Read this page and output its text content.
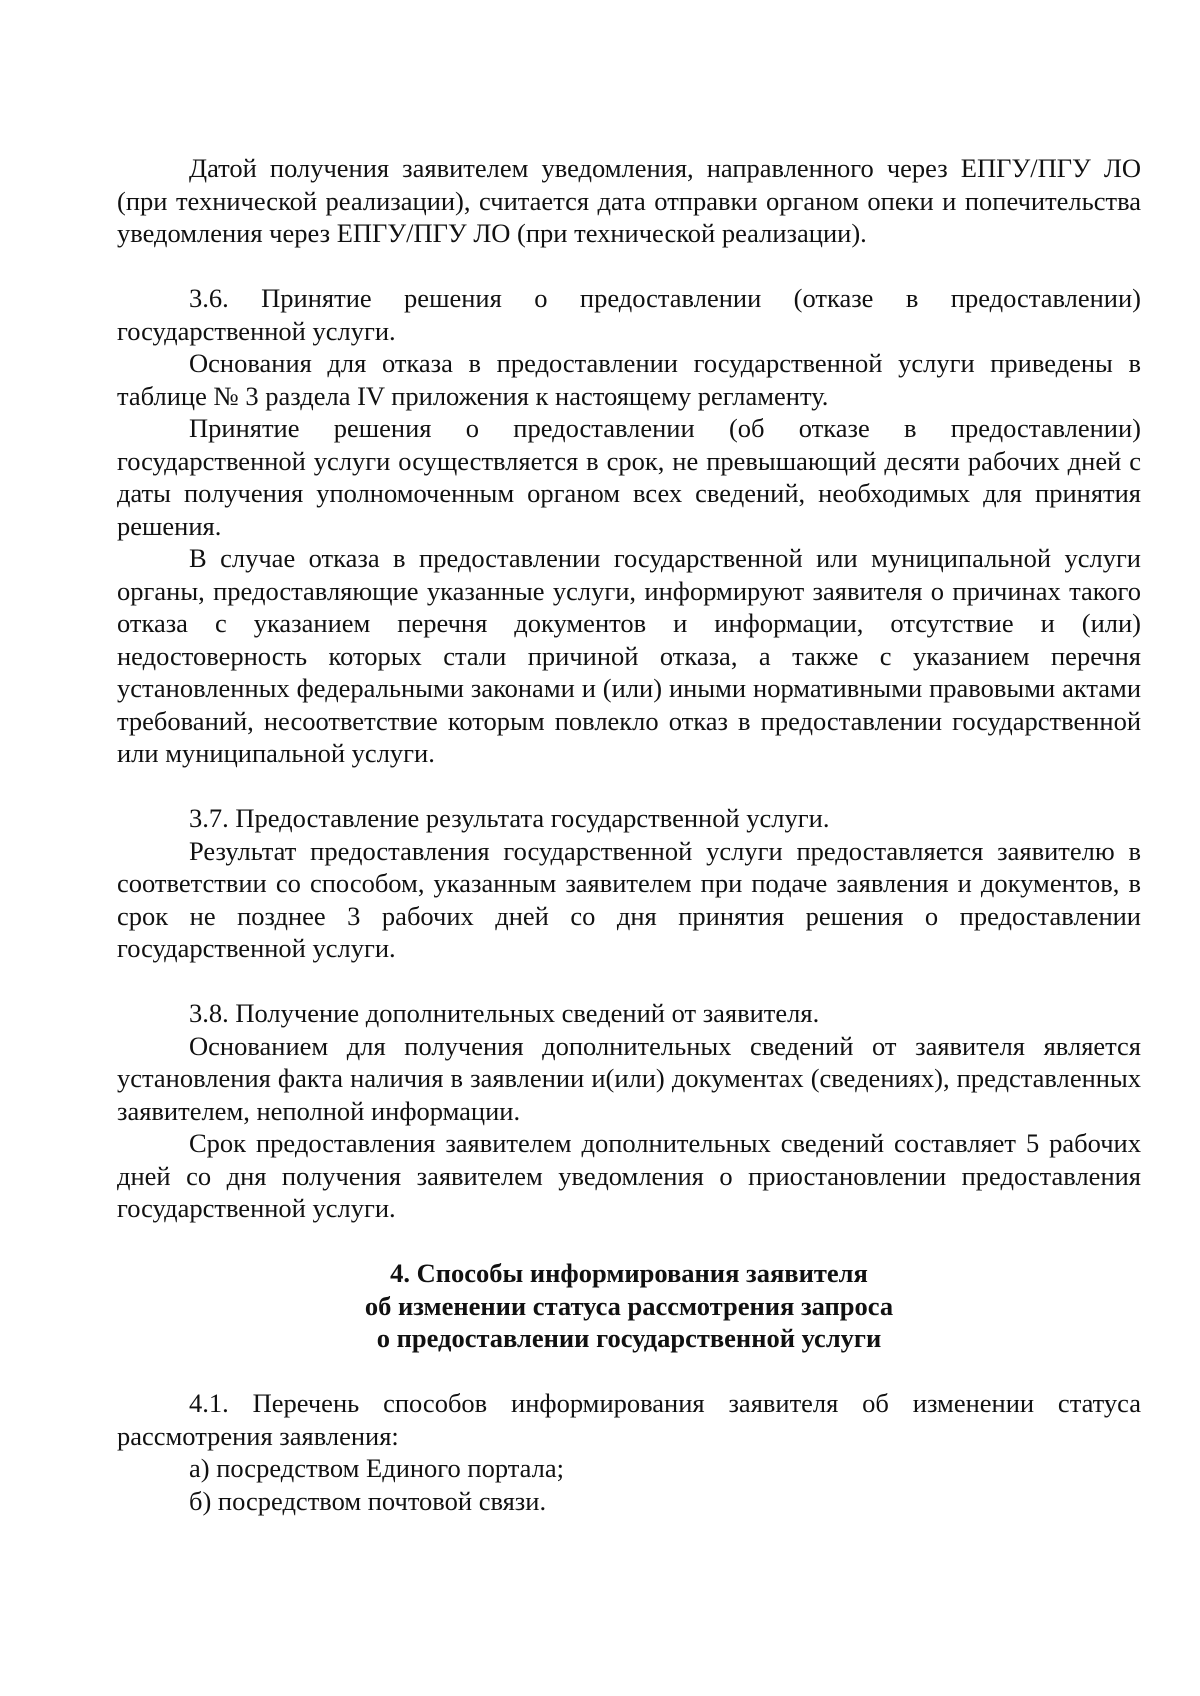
Датой получения заявителем уведомления, направленного через ЕПГУ/ПГУ ЛО (при технической реализации), считается дата отправки органом опеки и попечительства уведомления через ЕПГУ/ПГУ ЛО (при технической реализации).

3.6. Принятие решения о предоставлении (отказе в предоставлении) государственной услуги.

Основания для отказа в предоставлении государственной услуги приведены в таблице № 3 раздела IV приложения к настоящему регламенту.

Принятие решения о предоставлении (об отказе в предоставлении) государственной услуги осуществляется в срок, не превышающий десяти рабочих дней с даты получения уполномоченным органом всех сведений, необходимых для принятия решения.

В случае отказа в предоставлении государственной или муниципальной услуги органы, предоставляющие указанные услуги, информируют заявителя о причинах такого отказа с указанием перечня документов и информации, отсутствие и (или) недостоверность которых стали причиной отказа, а также с указанием перечня установленных федеральными законами и (или) иными нормативными правовыми актами требований, несоответствие которым повлекло отказ в предоставлении государственной или муниципальной услуги.

3.7. Предоставление результата государственной услуги.

Результат предоставления государственной услуги предоставляется заявителю в соответствии со способом, указанным заявителем при подаче заявления и документов, в срок не позднее 3 рабочих дней со дня принятия решения о предоставлении государственной услуги.

3.8. Получение дополнительных сведений от заявителя.

Основанием для получения дополнительных сведений от заявителя является установления факта наличия в заявлении и(или) документах (сведениях), представленных заявителем, неполной информации.

Срок предоставления заявителем дополнительных сведений составляет 5 рабочих дней со дня получения заявителем уведомления о приостановлении предоставления государственной услуги.

4. Способы информирования заявителя
об изменении статуса рассмотрения запроса
о предоставлении государственной услуги

4.1. Перечень способов информирования заявителя об изменении статуса рассмотрения заявления:

а) посредством Единого портала;

б) посредством почтовой связи.
